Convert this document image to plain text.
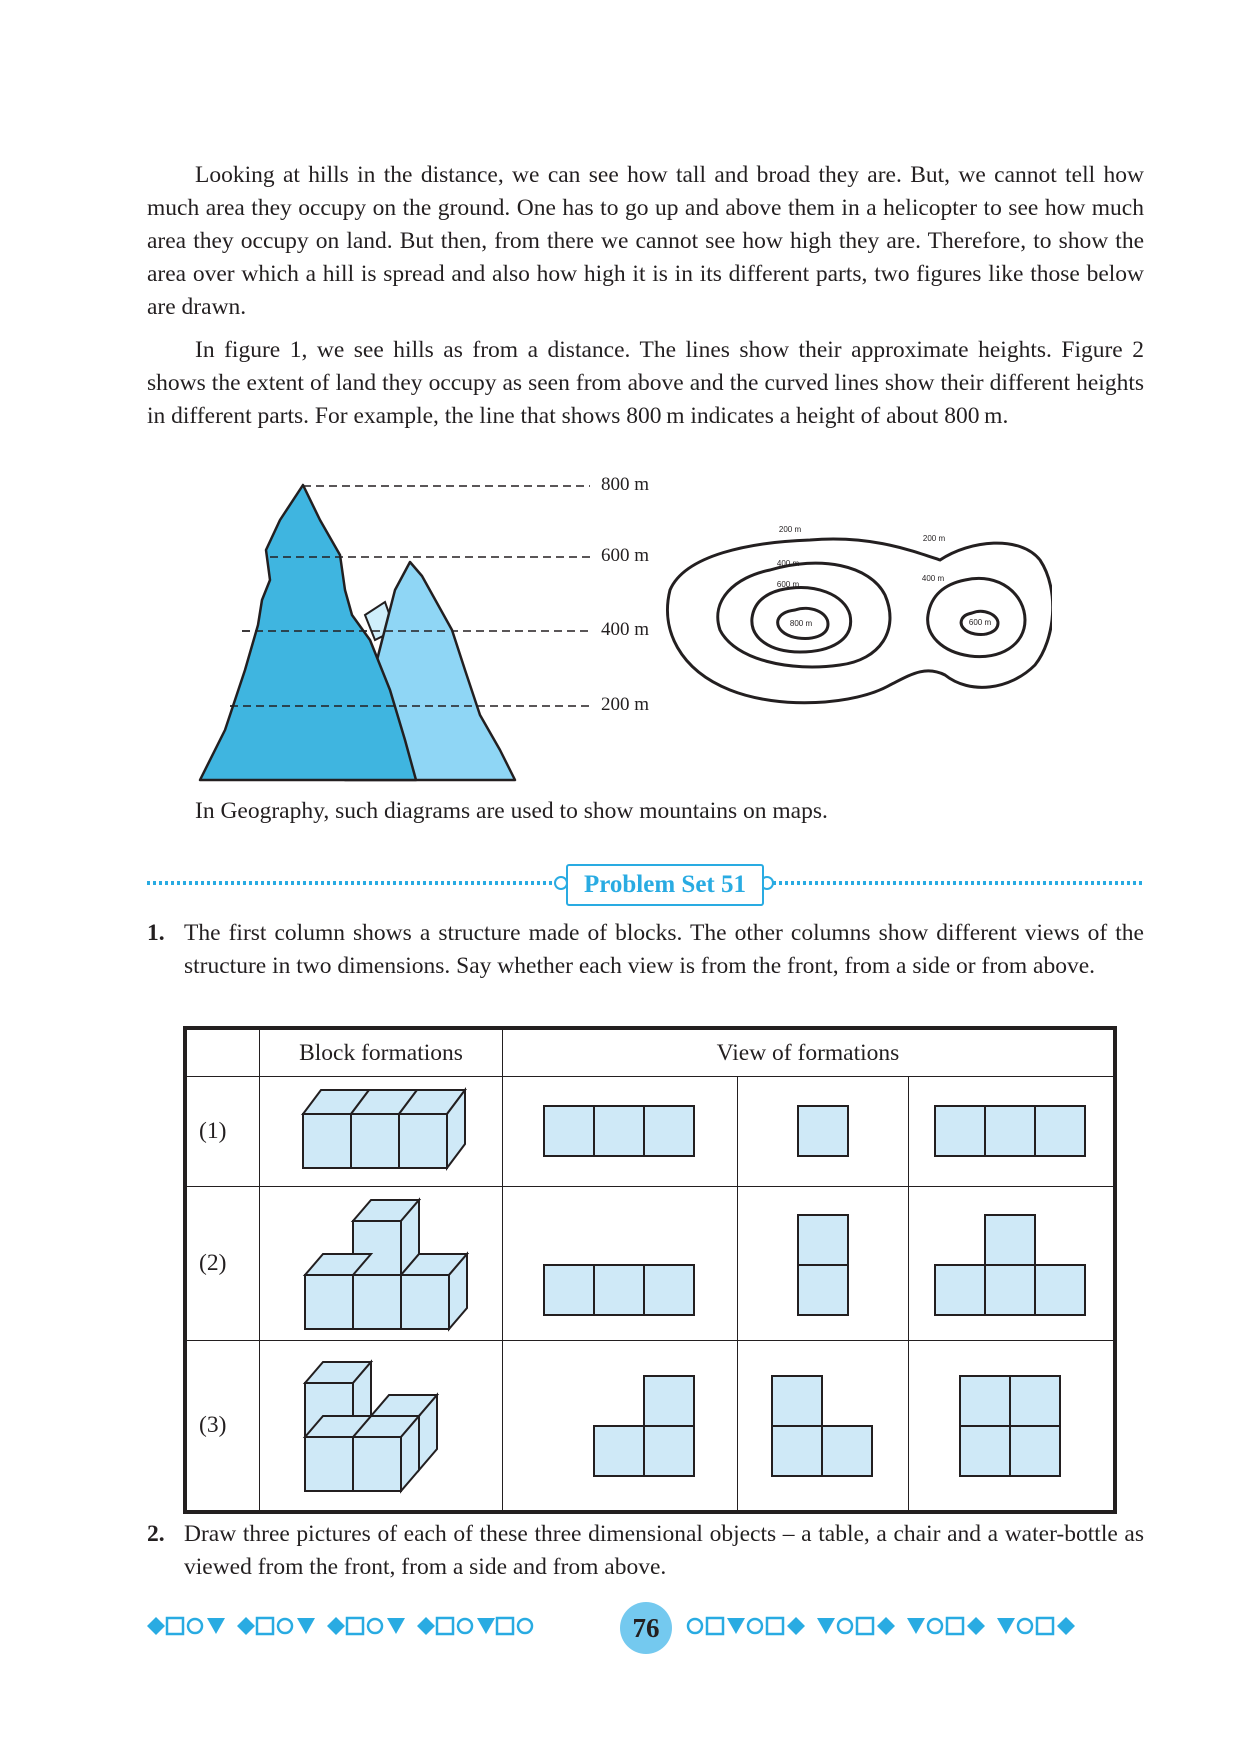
Looking at hills in the distance, we can see how tall and broad they are. But, we cannot tell how much area they occupy on the ground. One has to go up and above them in a helicopter to see how much area they occupy on land. But then, from there we cannot see how high they are. Therefore, to show the area over which a hill is spread and also how high it is in its different parts, two figures like those below are drawn.

In figure 1, we see hills as from a distance. The lines show their approximate heights. Figure 2 shows the extent of land they occupy as seen from above and the curved lines show their different heights in different parts. For example, the line that shows 800 m indicates a height of about 800 m.

800 m
600 m
400 m
200 m
200 m
400 m
600 m
800 m
200 m
400 m
600 m
In Geography, such diagrams are used to show mountains on maps.
Problem Set 51
1. The first column shows a structure made of blocks. The other columns show different views of the structure in two dimensions. Say whether each view is from the front, from a side or from above.
	Block formations	View of formations		
(1)	

(2)	

(3)	

2. Draw three pictures of each of these three dimensional objects – a table, a chair and a water-bottle as viewed from the front, from a side and from above.
76
